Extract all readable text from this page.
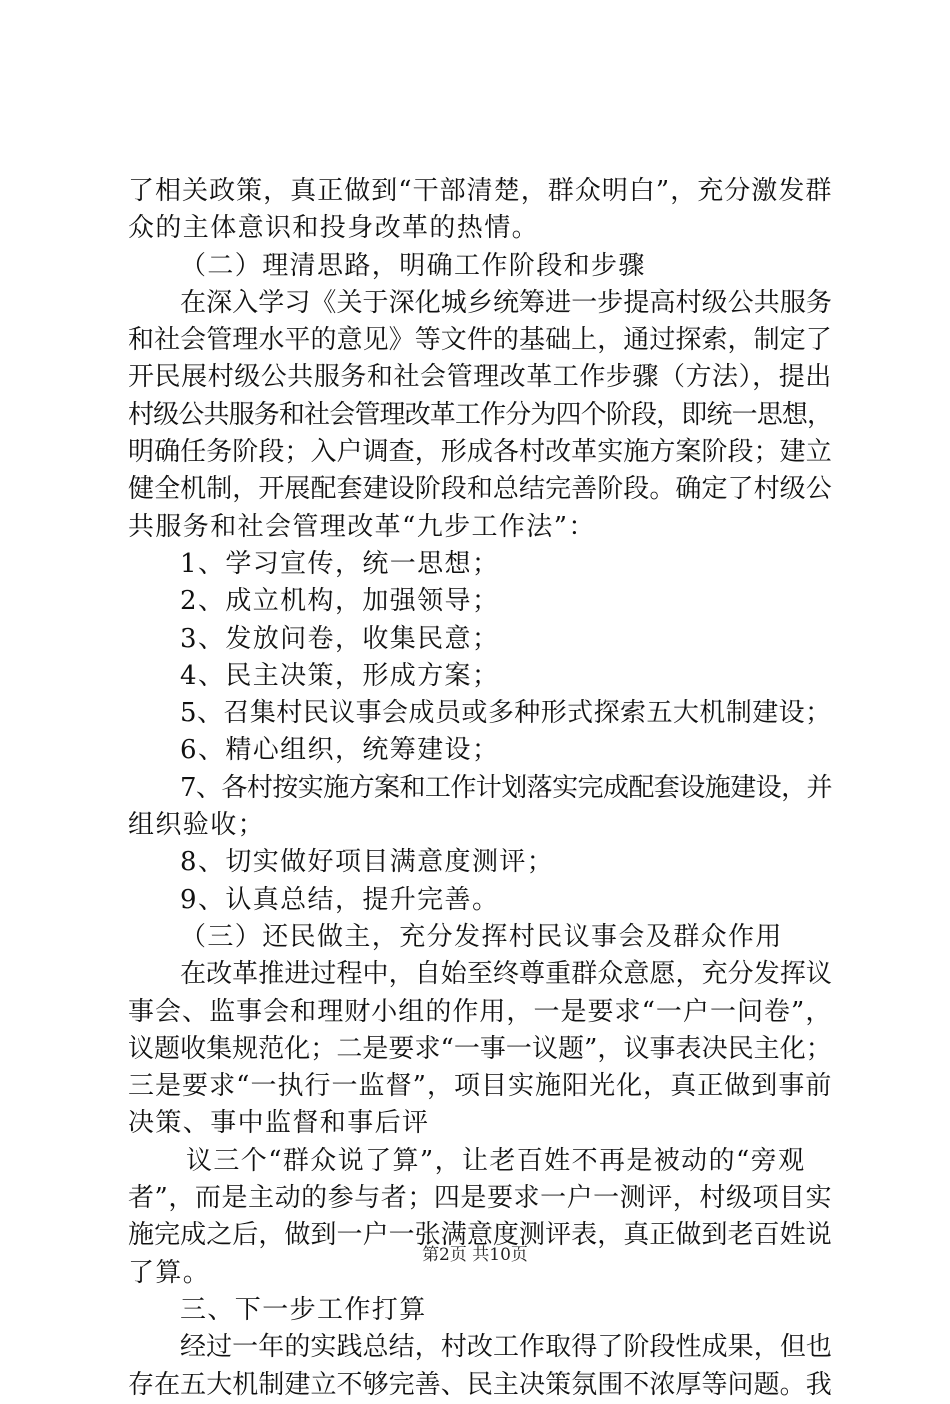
了相关政策，真正做到“干部清楚，群众明白”，充分激发群
众的主体意识和投身改革的热情。
（二）理清思路，明确工作阶段和步骤
在深入学习《关于深化城乡统筹进一步提高村级公共服务
和社会管理水平的意见》等文件的基础上，通过探索，制定了
开民展村级公共服务和社会管理改革工作步骤（方法），提出
村级公共服务和社会管理改革工作分为四个阶段，即统一思想，
明确任务阶段；入户调查，形成各村改革实施方案阶段；建立
健全机制，开展配套建设阶段和总结完善阶段。确定了村级公
共服务和社会管理改革“九步工作法”：
1、学习宣传，统一思想；
2、成立机构，加强领导；
3、发放问卷，收集民意；
4、民主决策，形成方案；
5、召集村民议事会成员或多种形式探索五大机制建设；
6、精心组织，统筹建设；
7、各村按实施方案和工作计划落实完成配套设施建设，并
组织验收；
8、切实做好项目满意度测评；
9、认真总结，提升完善。
（三）还民做主，充分发挥村民议事会及群众作用
在改革推进过程中，自始至终尊重群众意愿，充分发挥议
事会、监事会和理财小组的作用，一是要求“一户一问卷”，
议题收集规范化；二是要求“一事一议题”，议事表决民主化；
三是要求“一执行一监督”，项目实施阳光化，真正做到事前
决策、事中监督和事后评
议三个“群众说了算”，让老百姓不再是被动的“旁观
者”，而是主动的参与者；四是要求一户一测评，村级项目实
施完成之后，做到一户一张满意度测评表，真正做到老百姓说
了算。
三、下一步工作打算
经过一年的实践总结，村改工作取得了阶段性成果，但也
存在五大机制建立不够完善、民主决策氛围不浓厚等问题。我
第2页 共10页
